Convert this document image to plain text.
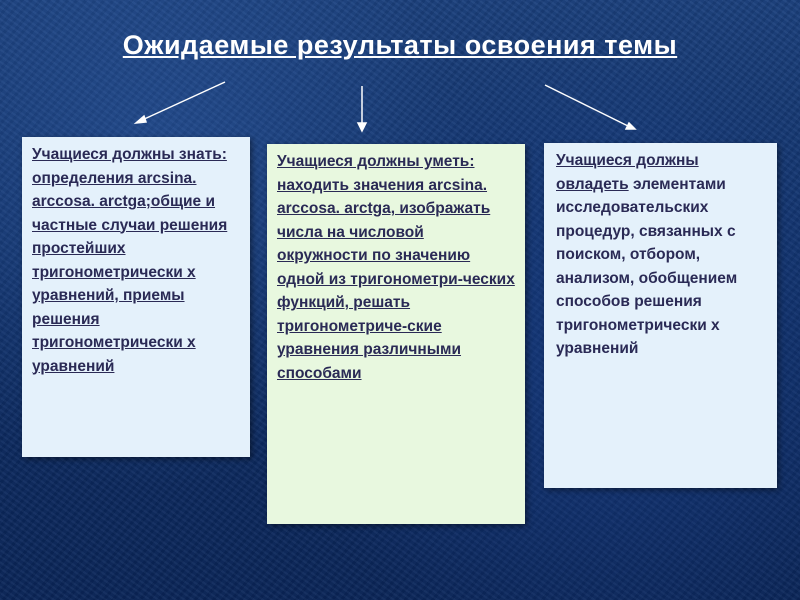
Ожидаемые результаты освоения темы
Учащиеся должны знать: определения arcsinа. arccosа. arctgа;общие и частные случаи решения простейших тригонометрически х уравнений, приемы решения тригонометрически х уравнений
Учащиеся должны уметь: находить значения arcsinа. аrccosа. arctgа, изображать числа на числовой окружности по значению одной из тригонометри-ческих функций, решать тригонометриче-ские уравнения различными способами
Учащиеся должны овладеть элементами исследовательских процедур, связанных с поиском, отбором, анализом, обобщением способов решения тригонометрически х уравнений
